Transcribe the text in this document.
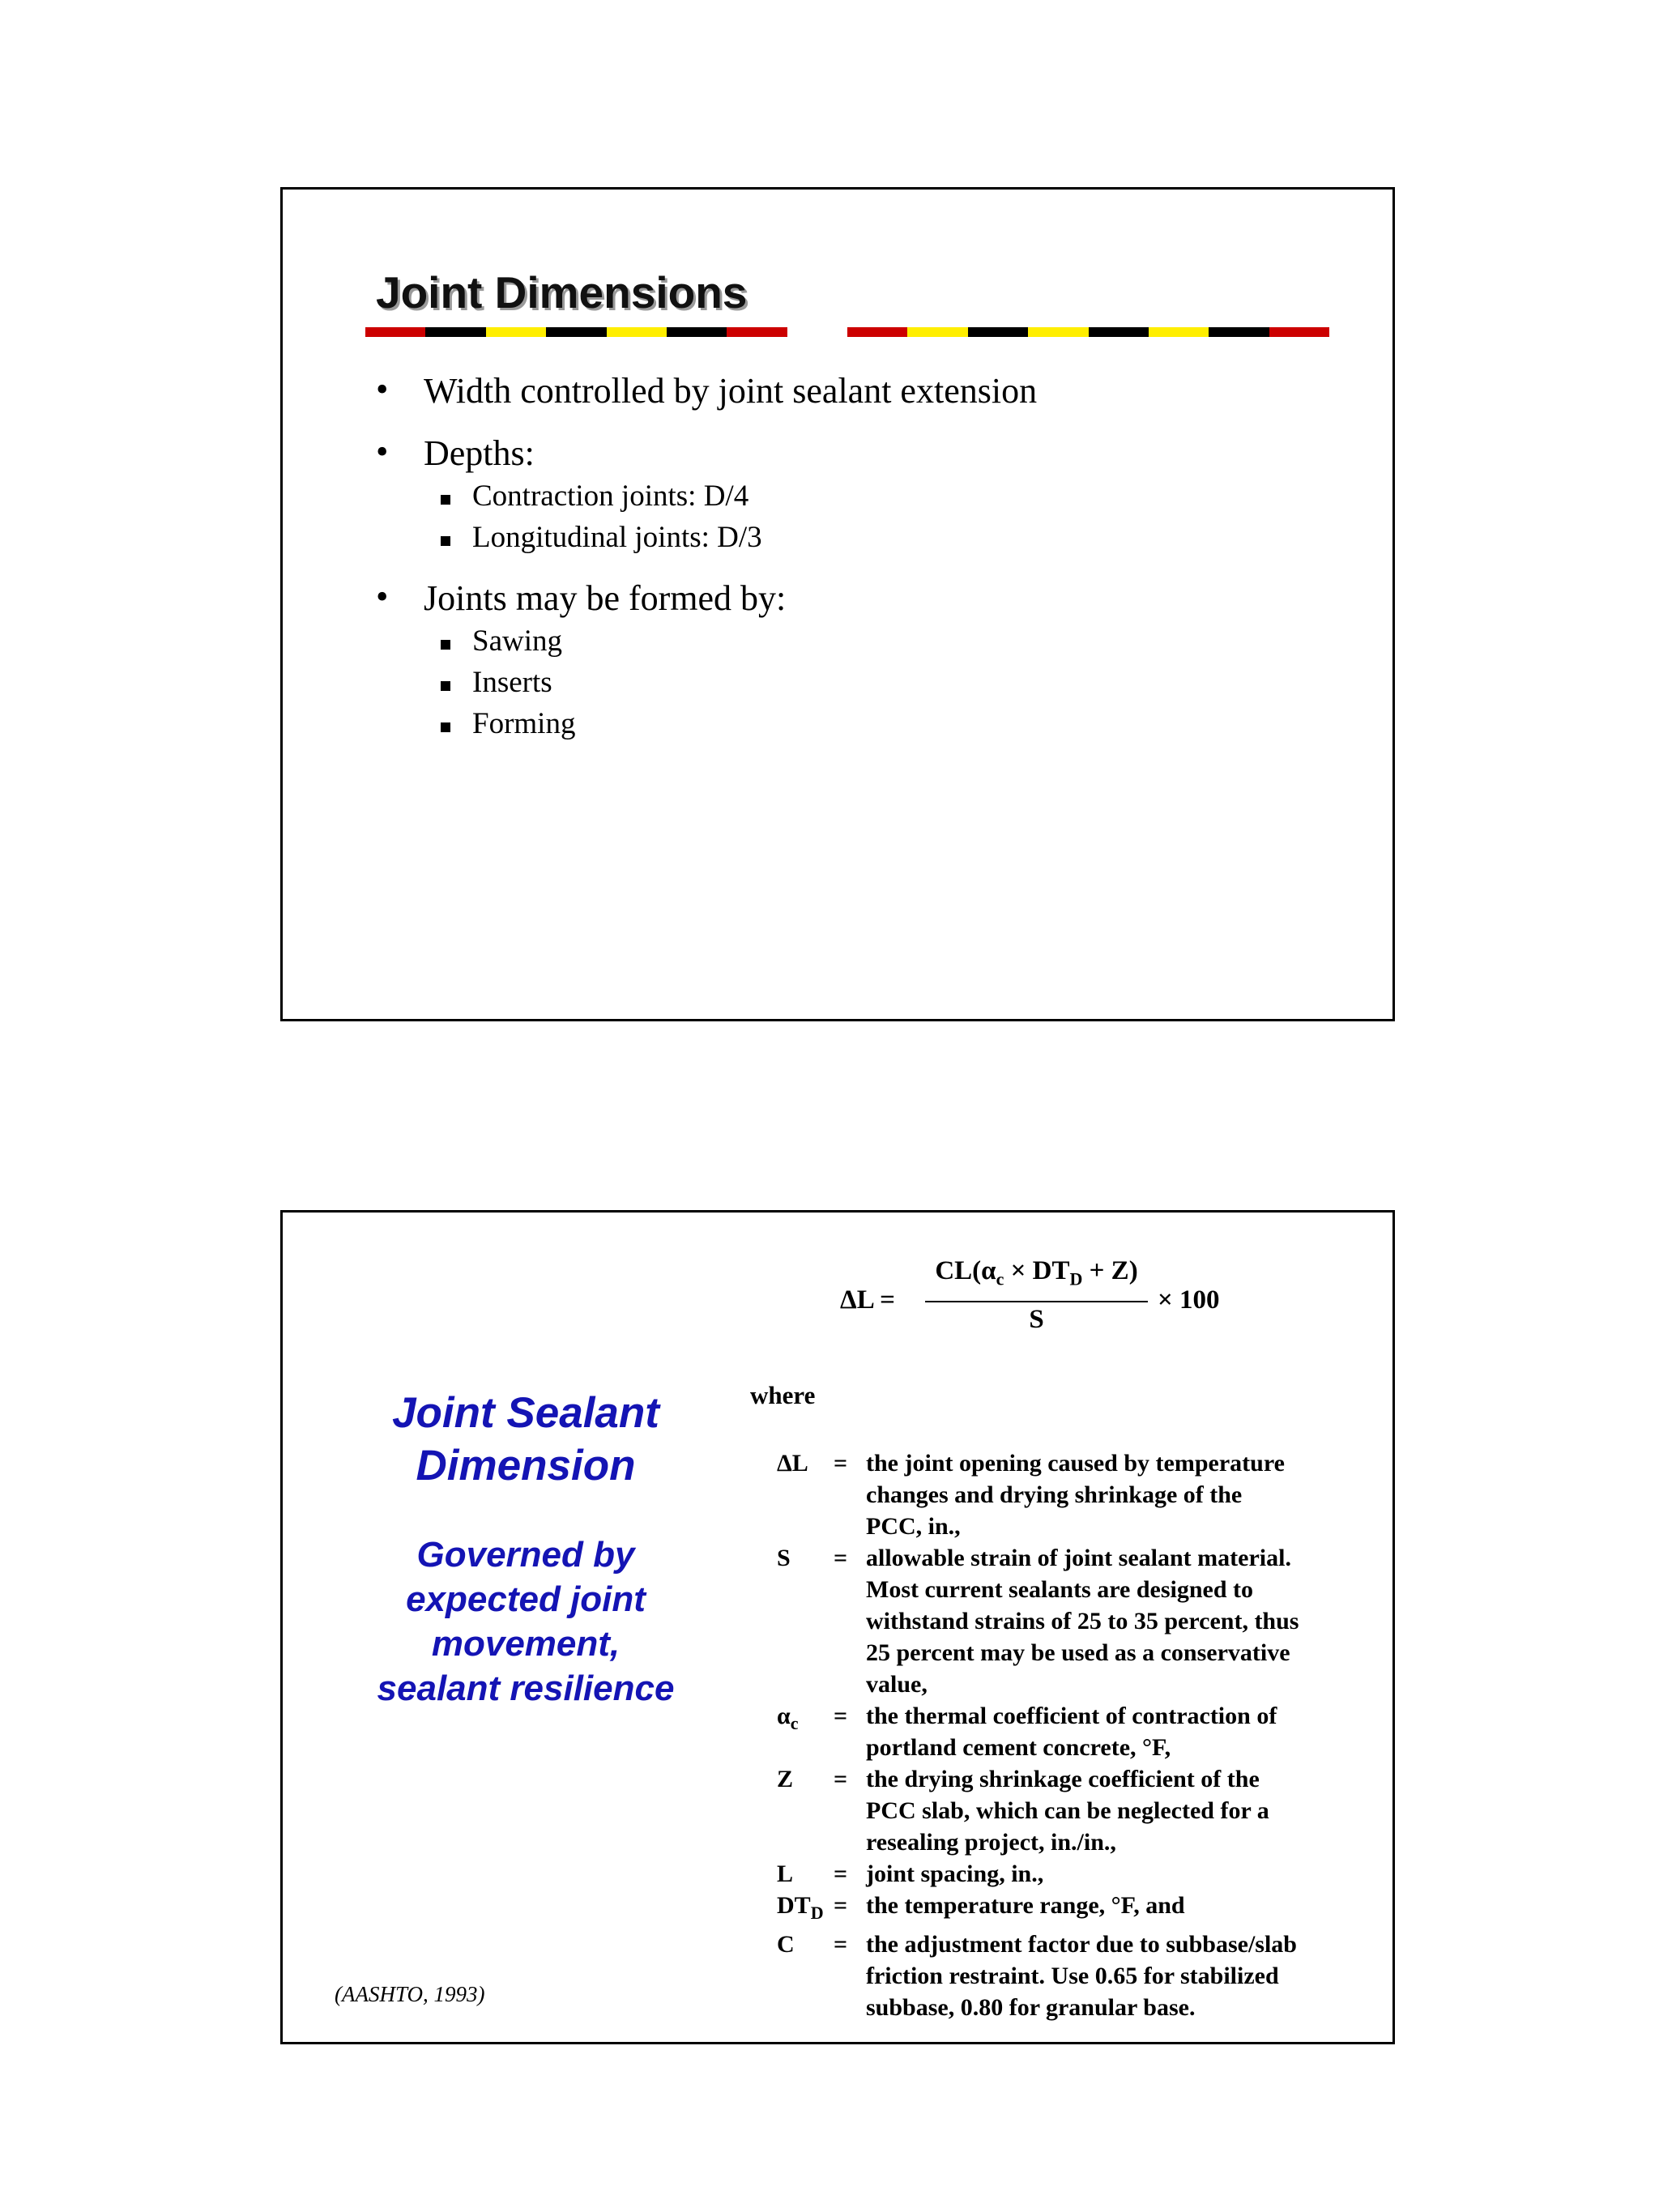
Joint Dimensions
• Width controlled by joint sealant extension
• Depths:
Contraction joints: D/4
Longitudinal joints: D/3
• Joints may be formed by:
Sawing
Inserts
Forming
Joint Sealant
Dimension
Governed by
expected joint
movement,
sealant resilience
(AASHTO, 1993)
ΔL =
$CL(\alpha_c \times DT_D + Z)$
S
× 100
where
ΔL	= the joint opening caused by temperature changes and drying shrinkage of the PCC, in.,
S	= allowable strain of joint sealant material. Most current sealants are designed to withstand strains of 25 to 35 percent, thus 25 percent may be used as a conservative value,
$\alpha_c$	= the thermal coefficient of contraction of portland cement concrete, °F,
Z	= the drying shrinkage coefficient of the PCC slab, which can be neglected for a resealing project, in./in.,
L	= joint spacing, in.,
$DT_D$ = the temperature range, °F, and
C	= the adjustment factor due to subbase/slab friction restraint. Use 0.65 for stabilized subbase, 0.80 for granular base.
